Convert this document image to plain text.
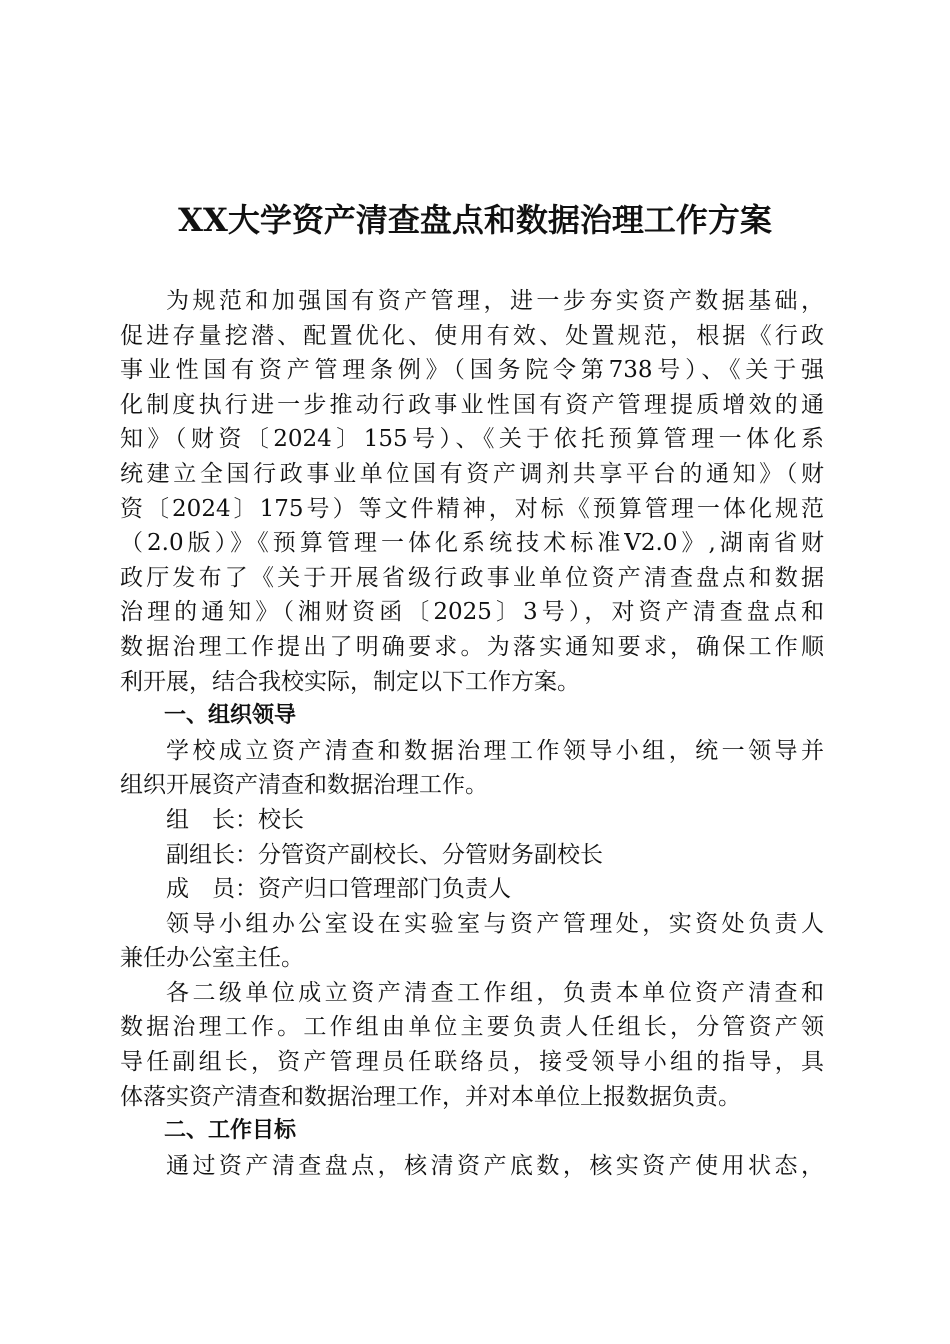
XX大学资产清查盘点和数据治理工作方案
为规范和加强国有资产管理，进一步夯实资产数据基础，
促进存量挖潜、配置优化、使用有效、处置规范，根据《行政
事业性国有资产管理条例》（国务院令第738号）、《关于强
化制度执行进一步推动行政事业性国有资产管理提质增效的通
知》（财资〔2024〕155号）、《关于依托预算管理一体化系
统建立全国行政事业单位国有资产调剂共享平台的通知》（财
资〔2024〕175号）等文件精神，对标《预算管理一体化规范
（2.0版）》《预算管理一体化系统技术标准V2.0》,湖南省财
政厅发布了《关于开展省级行政事业单位资产清查盘点和数据
治理的通知》（湘财资函〔2025〕3号），对资产清查盘点和
数据治理工作提出了明确要求。为落实通知要求，确保工作顺
利开展，结合我校实际，制定以下工作方案。
一、组织领导
学校成立资产清查和数据治理工作领导小组，统一领导并
组织开展资产清查和数据治理工作。
组　长：校长
副组长：分管资产副校长、分管财务副校长
成　员：资产归口管理部门负责人
领导小组办公室设在实验室与资产管理处，实资处负责人
兼任办公室主任。
各二级单位成立资产清查工作组，负责本单位资产清查和
数据治理工作。工作组由单位主要负责人任组长，分管资产领
导任副组长，资产管理员任联络员，接受领导小组的指导，具
体落实资产清查和数据治理工作，并对本单位上报数据负责。
二、工作目标
通过资产清查盘点，核清资产底数，核实资产使用状态，
